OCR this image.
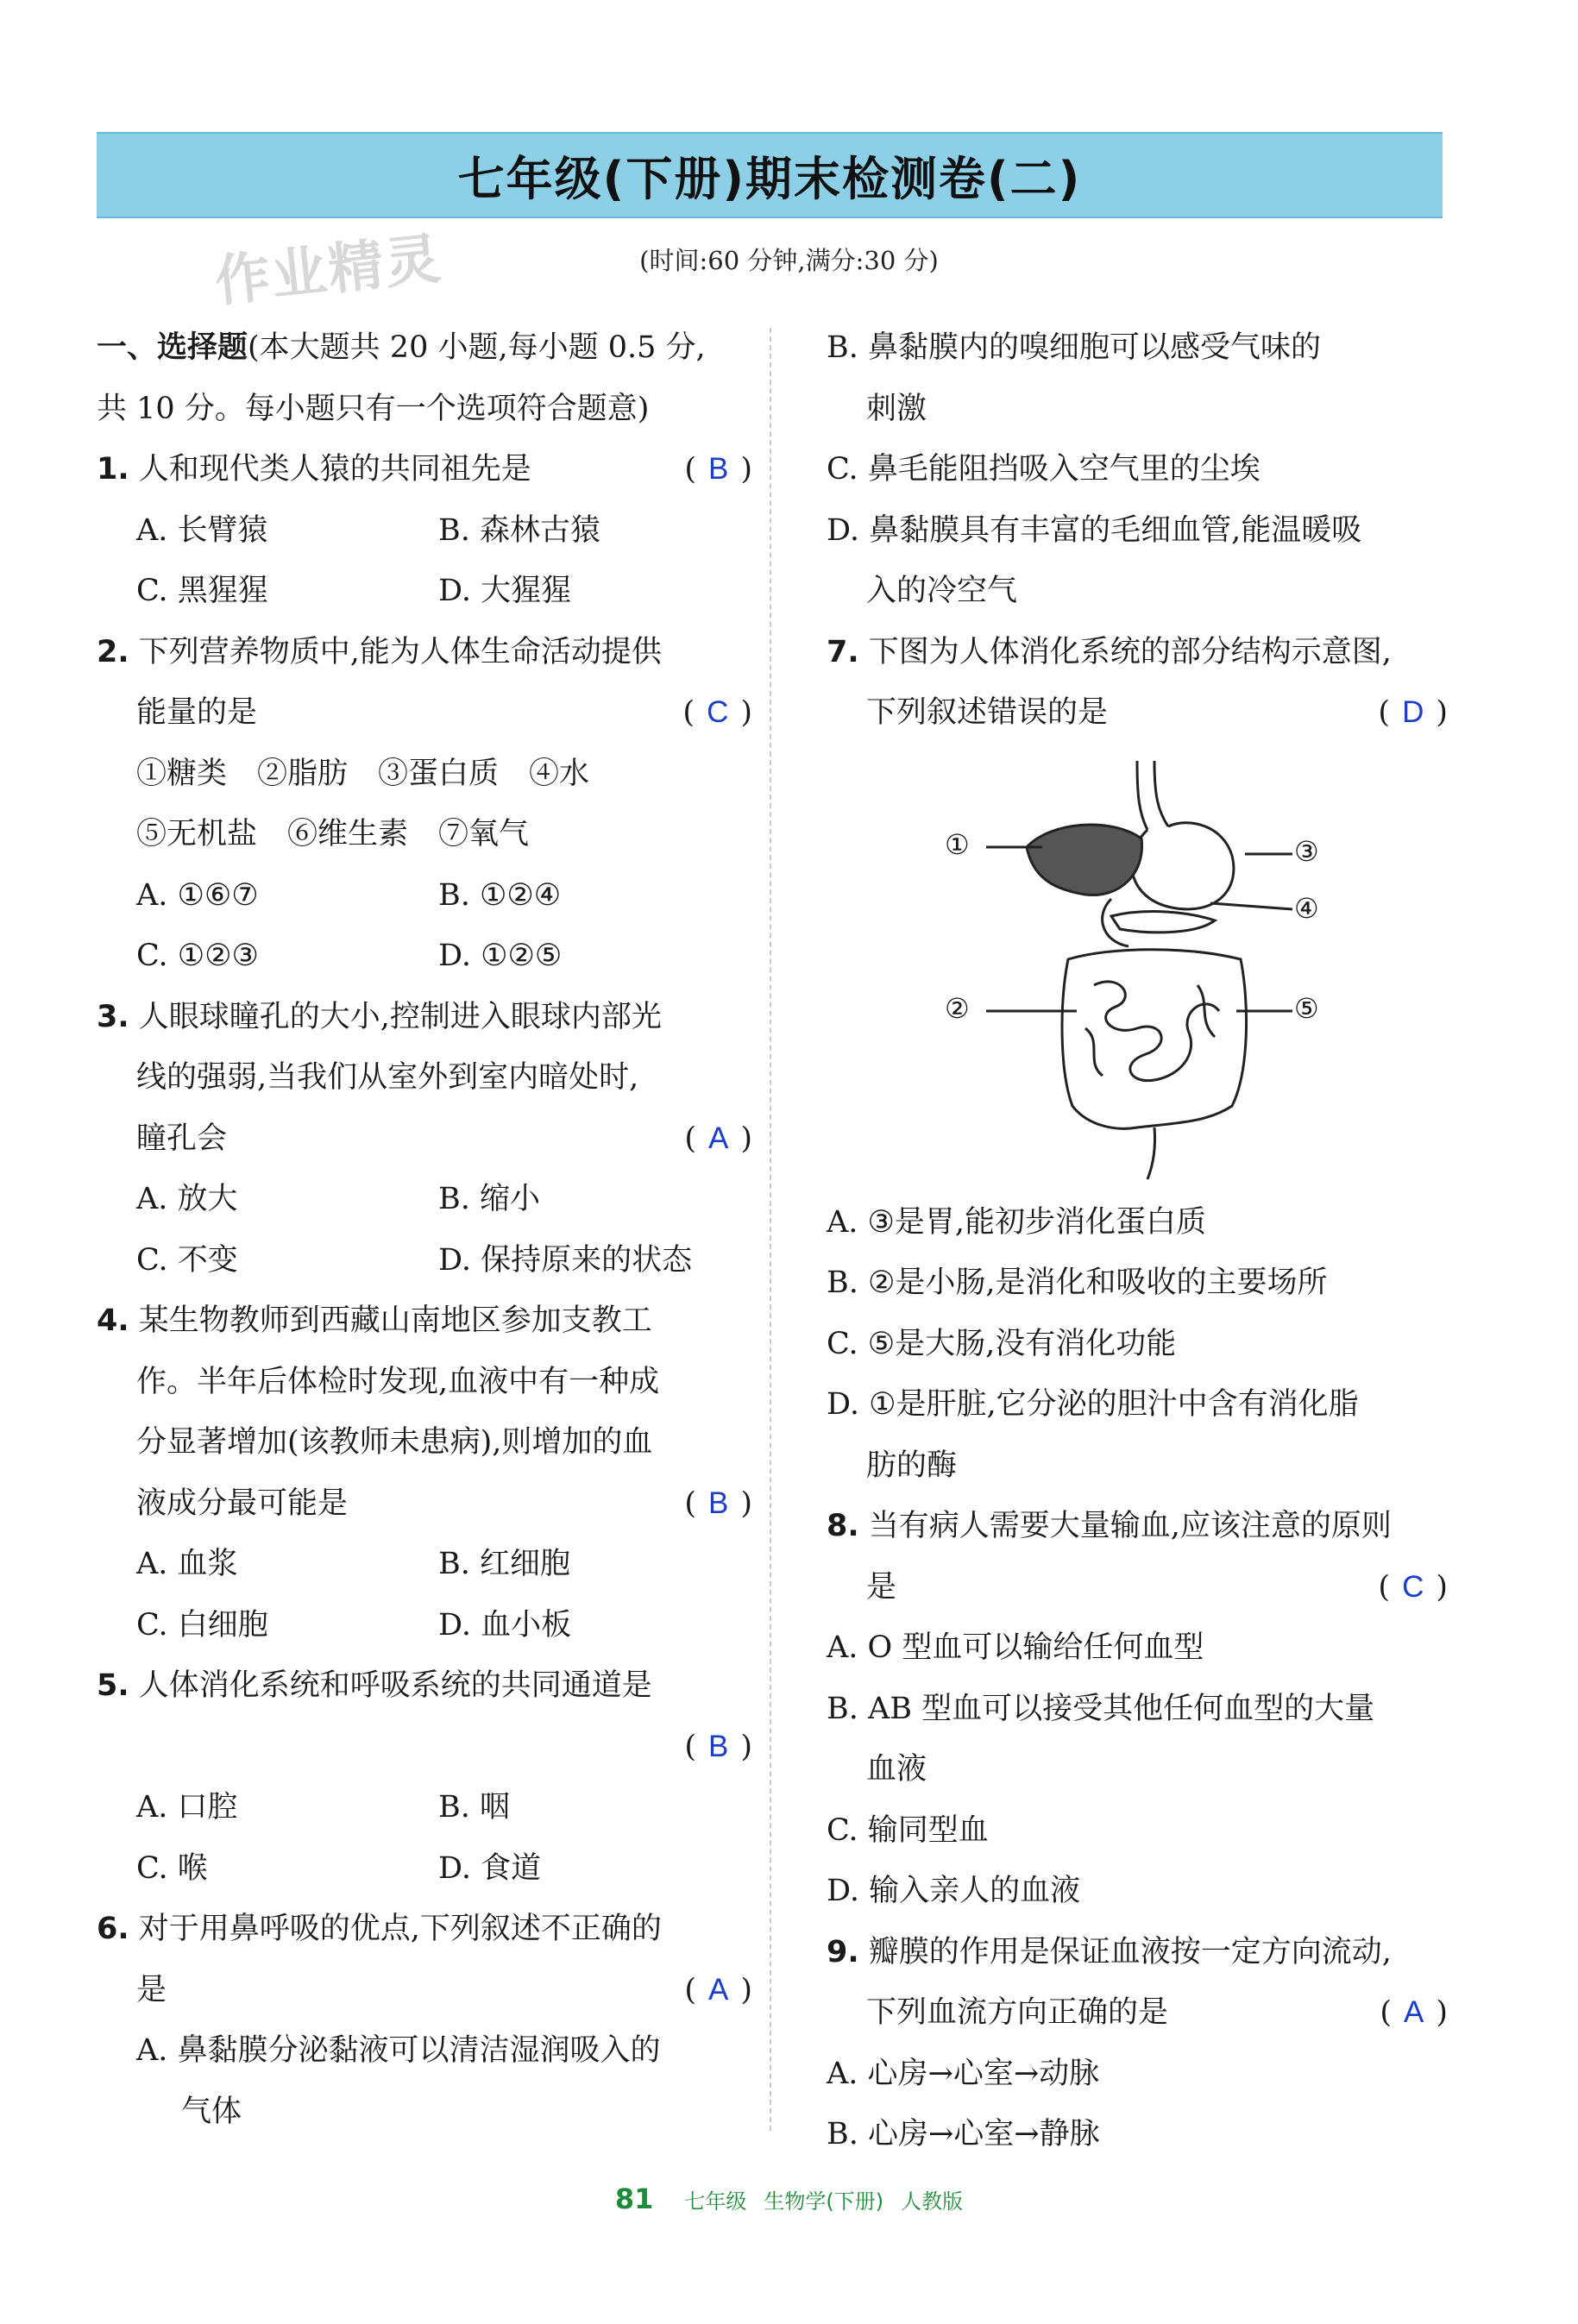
七年级(下册)期末检测卷(二)
作业精灵	(时间:60 分钟,满分:30 分)
一、选择题(本大题共 20 小题,每小题 0.5 分,
共 10 分。每小题只有一个选项符合题意)
1. 人和现代类人猿的共同祖先是	( B )
A. 长臂猿	B. 森林古猿
C. 黑猩猩	D. 大猩猩
2. 下列营养物质中,能为人体生命活动提供
能量的是	( C )
①糖类　②脂肪　③蛋白质　④水
⑤无机盐　⑥维生素　⑦氧气
A. ①⑥⑦	B. ①②④
C. ①②③	D. ①②⑤
3. 人眼球瞳孔的大小,控制进入眼球内部光
线的强弱,当我们从室外到室内暗处时,
瞳孔会	( A )
A. 放大	B. 缩小
C. 不变	D. 保持原来的状态
4. 某生物教师到西藏山南地区参加支教工
作。半年后体检时发现,血液中有一种成
分显著增加(该教师未患病),则增加的血
液成分最可能是	( B )
A. 血浆	B. 红细胞
C. 白细胞	D. 血小板
5. 人体消化系统和呼吸系统的共同通道是
( B )
A. 口腔	B. 咽
C. 喉	D. 食道
6. 对于用鼻呼吸的优点,下列叙述不正确的
是	( A )
A. 鼻黏膜分泌黏液可以清洁湿润吸入的
气体
B. 鼻黏膜内的嗅细胞可以感受气味的
刺激
C. 鼻毛能阻挡吸入空气里的尘埃
D. 鼻黏膜具有丰富的毛细血管,能温暖吸
入的冷空气
7. 下图为人体消化系统的部分结构示意图,
下列叙述错误的是	( D )
①
②
③
④
⑤
A. ③是胃,能初步消化蛋白质
B. ②是小肠,是消化和吸收的主要场所
C. ⑤是大肠,没有消化功能
D. ①是肝脏,它分泌的胆汁中含有消化脂
肪的酶
8. 当有病人需要大量输血,应该注意的原则
是	( C )
A. O 型血可以输给任何血型
B. AB 型血可以接受其他任何血型的大量
血液
C. 输同型血
D. 输入亲人的血液
9. 瓣膜的作用是保证血液按一定方向流动,
下列血流方向正确的是	( A )
A. 心房→心室→动脉
B. 心房→心室→静脉
81 七年级 生物学(下册) 人教版
